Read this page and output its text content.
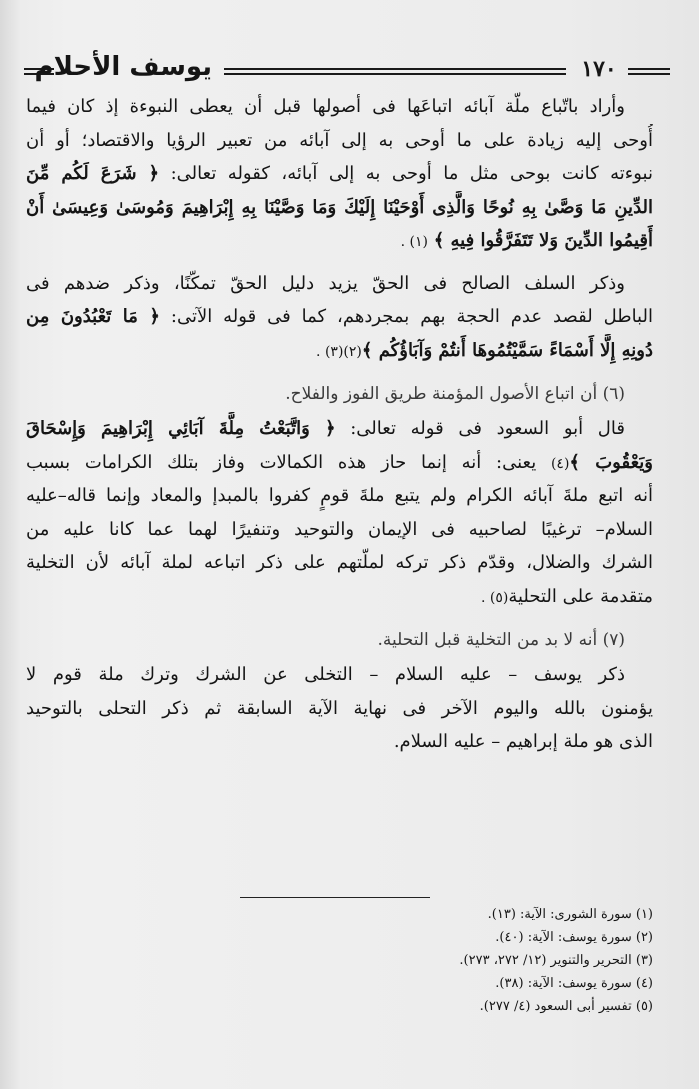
يوسف الأحلام	١٧٠
وأراد باتّباع ملّة آبائه اتباعَها فى أصولها قبل أن يعطى النبوءة إذ كان فيما
أُوحى إليه زيادة على ما أوحى به إلى آبائه من تعبير الرؤيا والاقتصاد؛ أو أن
نبوءته كانت بوحى مثل ما أوحى به إلى آبائه، كقوله تعالى: ﴿ شَرَعَ لَكُم مِّنَ
الدِّينِ مَا وَصَّىٰ بِهِ نُوحًا وَالَّذِى أَوْحَيْنَا إِلَيْكَ وَمَا وَصَّيْنَا بِهِ إِبْرَاهِيمَ وَمُوسَىٰ وَعِيسَىٰ أَنْ
أَقِيمُوا الدِّينَ وَلا تَتَفَرَّقُوا فِيهِ ﴾ (١) .
وذكر السلف الصالح فى الحقّ يزيد دليل الحقّ تمكّنًا، وذكر ضدهم فى
الباطل لقصد عدم الحجة بهم بمجردهم، كما فى قوله الآتى: ﴿ مَا تَعْبُدُونَ مِن
دُونِهِ إِلَّا أَسْمَاءً سَمَّيْتُمُوهَا أَنتُمْ وَآبَاؤُكُم ﴾(٢)(٣) .
(٦) أن اتباع الأصول المؤمنة طريق الفوز والفلاح.
قال أبو السعود فى قوله تعالى: ﴿ وَاتَّبَعْتُ مِلَّةَ آبَائِي إِبْرَاهِيمَ وَإِسْحَاقَ
وَيَعْقُوبَ ﴾(٤) يعنى: أنه إنما حاز هذه الكمالات وفاز بتلك الكرامات بسبب
أنه اتبع ملةَ آبائه الكرام ولم يتبع ملةَ قومٍ كفروا بالمبدإ والمعاد وإنما قاله–عليه
السلام– ترغيبًا لصاحبيه فى الإيمان والتوحيد وتنفيرًا لهما عما كانا عليه من
الشرك والضلال، وقدّم ذكر تركه لملّتهم على ذكر اتباعه لملة آبائه لأن التخلية
متقدمة على التحلية(٥) .
(٧) أنه لا بد من التخلية قبل التحلية.
ذكر يوسف – عليه السلام – التخلى عن الشرك وترك ملة قوم لا
يؤمنون بالله واليوم الآخر فى نهاية الآية السابقة ثم ذكر التحلى بالتوحيد
الذى هو ملة إبراهيم – عليه السلام.
(١) سورة الشورى: الآية: (١٣).
(٢) سورة يوسف: الآية: (٤٠).
(٣) التحرير والتنوير (١٢/ ٢٧٢، ٢٧٣).
(٤) سورة يوسف: الآية: (٣٨).
(٥) تفسير أبى السعود (٤/ ٢٧٧).
